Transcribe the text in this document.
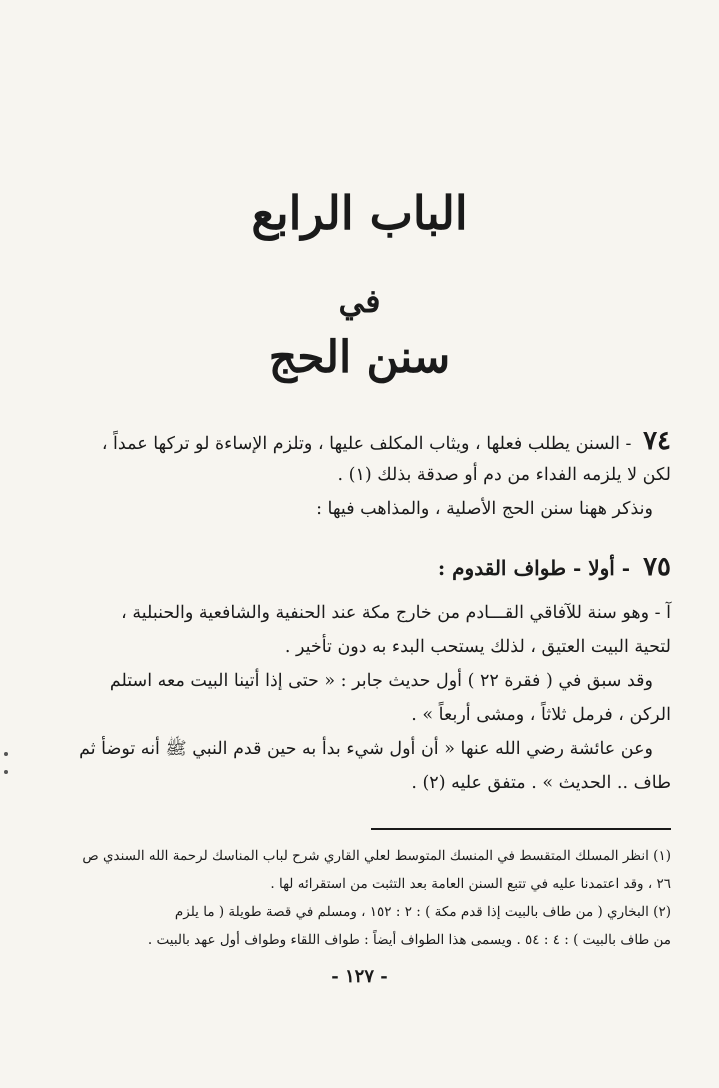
الباب الرابع
في
سنن الحج
٧٤ - السنن يطلب فعلها ، ويثاب المكلف عليها ، وتلزم الإساءة لو تركها عمداً ،
لكن لا يلزمه الفداء من دم أو صدقة بذلك (١) .
ونذكر ههنا سنن الحج الأصلية ، والمذاهب فيها :
٧٥ - أولا - طواف القدوم :
آ - وهو سنة للآفاقي القـــادم من خارج مكة عند الحنفية والشافعية والحنبلية ،
لتحية البيت العتيق ، لذلك يستحب البدء به دون تأخير .
وقد سبق في ( فقرة ٢٢ ) أول حديث جابر : « حتى إذا أتينا البيت معه استلم
الركن ، فرمل ثلاثاً ، ومشى أربعاً » .
وعن عائشة رضي الله عنها « أن أول شيء بدأ به حين قدم النبي ﷺ أنه توضأ ثم
طاف .. الحديث » . متفق عليه (٢) .
(١) انظر المسلك المتقسط في المنسك المتوسط لعلي القاري شرح لباب المناسك لرحمة الله السندي ص
٢٦ ، وقد اعتمدنا عليه في تتبع السنن العامة بعد التثبت من استقرائه لها .
(٢) البخاري ( من طاف بالبيت إذا قدم مكة ) : ٢ : ١٥٢ ، ومسلم في قصة طويلة ( ما يلزم
من طاف بالبيت ) : ٤ : ٥٤ . ويسمى هذا الطواف أيضاً : طواف اللقاء وطواف أول عهد بالبيت .
- ١٢٧ -
